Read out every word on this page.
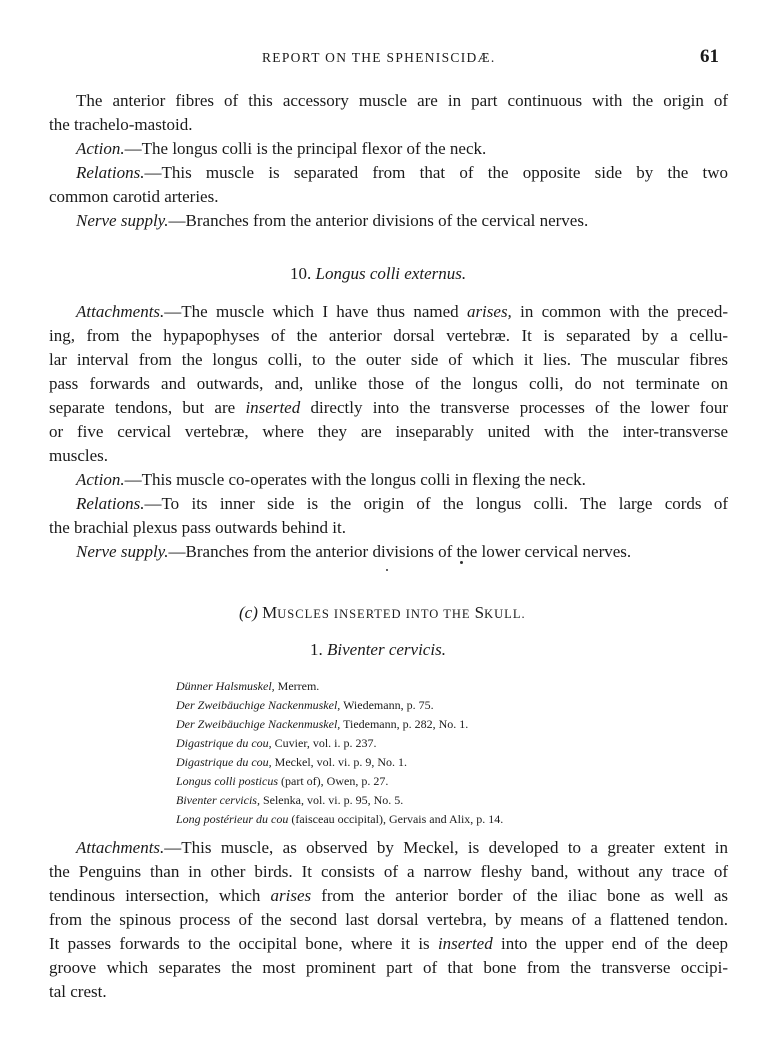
REPORT ON THE SPHENISCIDÆ.	61
The anterior fibres of this accessory muscle are in part continuous with the origin of
the trachelo-mastoid.
Action.—The longus colli is the principal flexor of the neck.
Relations.—This muscle is separated from that of the opposite side by the two
common carotid arteries.
Nerve supply.—Branches from the anterior divisions of the cervical nerves.
10. Longus colli externus.
Attachments.—The muscle which I have thus named arises, in common with the preced-
ing, from the hypapophyses of the anterior dorsal vertebræ. It is separated by a cellu-
lar interval from the longus colli, to the outer side of which it lies. The muscular fibres
pass forwards and outwards, and, unlike those of the longus colli, do not terminate on
separate tendons, but are inserted directly into the transverse processes of the lower four
or five cervical vertebræ, where they are inseparably united with the inter-transverse
muscles.
Action.—This muscle co-operates with the longus colli in flexing the neck.
Relations.—To its inner side is the origin of the longus colli. The large cords of
the brachial plexus pass outwards behind it.
Nerve supply.—Branches from the anterior divisions of the lower cervical nerves.
(c) MUSCLES INSERTED INTO THE SKULL.
1. Biventer cervicis.
Dünner Halsmuskel, Merrem.
Der Zweibäuchige Nackenmuskel, Wiedemann, p. 75.
Der Zweibäuchige Nackenmuskel, Tiedemann, p. 282, No. 1.
Digastrique du cou, Cuvier, vol. i. p. 237.
Digastrique du cou, Meckel, vol. vi. p. 9, No. 1.
Longus colli posticus (part of), Owen, p. 27.
Biventer cervicis, Selenka, vol. vi. p. 95, No. 5.
Long postérieur du cou (faisceau occipital), Gervais and Alix, p. 14.
Attachments.—This muscle, as observed by Meckel, is developed to a greater extent in
the Penguins than in other birds. It consists of a narrow fleshy band, without any trace of
tendinous intersection, which arises from the anterior border of the iliac bone as well as
from the spinous process of the second last dorsal vertebra, by means of a flattened tendon.
It passes forwards to the occipital bone, where it is inserted into the upper end of the deep
groove which separates the most prominent part of that bone from the transverse occipi-
tal crest.
